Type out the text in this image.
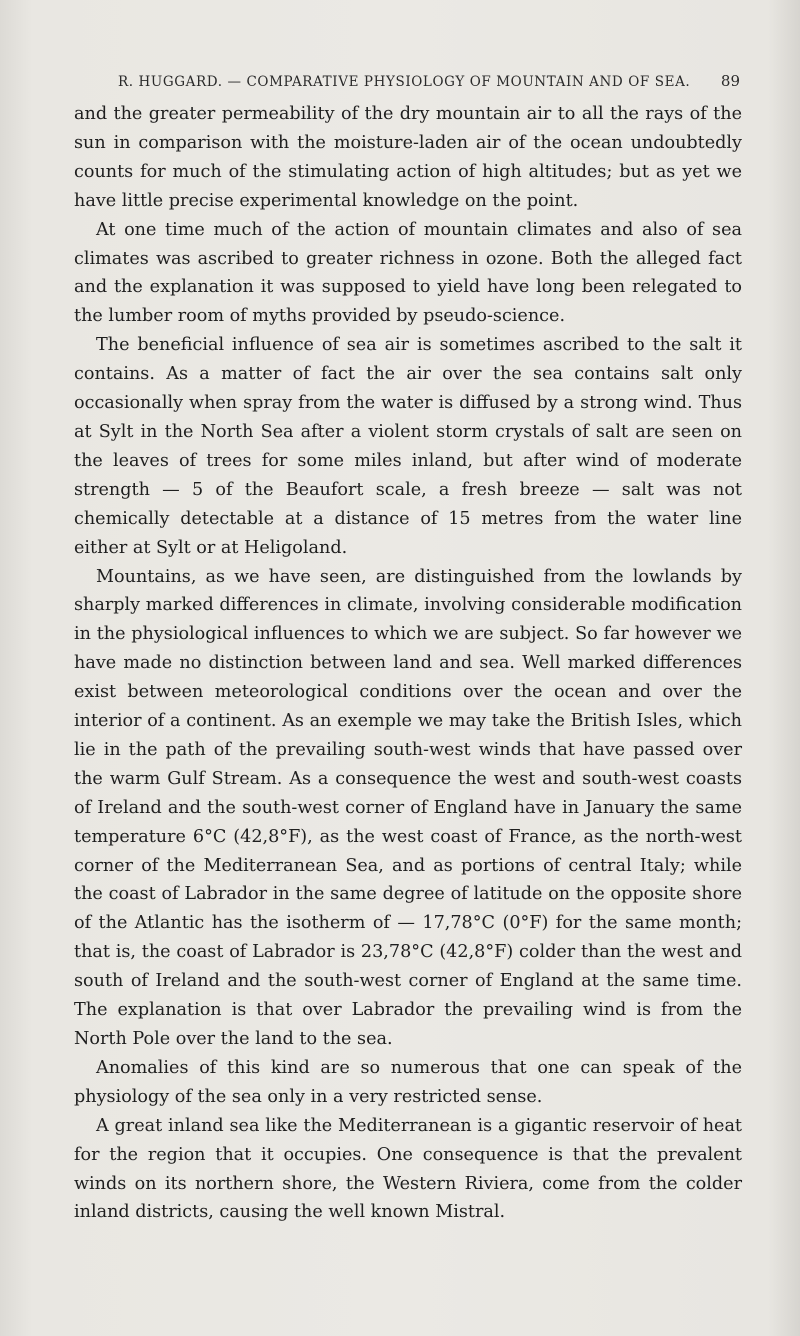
R. HUGGARD. — COMPARATIVE PHYSIOLOGY OF MOUNTAIN AND OF SEA. 89

and the greater permeability of the dry mountain air to all the rays of the sun in comparison with the moisture-laden air of the ocean undoubtedly counts for much of the stimulating action of high altitudes; but as yet we have little precise experimental knowledge on the point.

At one time much of the action of mountain climates and also of sea climates was ascribed to greater richness in ozone. Both the alleged fact and the explanation it was supposed to yield have long been relegated to the lumber room of myths provided by pseudo-science.

The beneficial influence of sea air is sometimes ascribed to the salt it contains. As a matter of fact the air over the sea contains salt only occasionally when spray from the water is diffused by a strong wind. Thus at Sylt in the North Sea after a violent storm crystals of salt are seen on the leaves of trees for some miles inland, but after wind of moderate strength — 5 of the Beaufort scale, a fresh breeze — salt was not chemically detectable at a distance of 15 metres from the water line either at Sylt or at Heligoland.

Mountains, as we have seen, are distinguished from the lowlands by sharply marked differences in climate, involving considerable modification in the physiological influences to which we are subject. So far however we have made no distinction between land and sea. Well marked differences exist between meteorological conditions over the ocean and over the interior of a continent. As an exemple we may take the British Isles, which lie in the path of the prevailing south-west winds that have passed over the warm Gulf Stream. As a consequence the west and south-west coasts of Ireland and the south-west corner of England have in January the same temperature 6°C (42,8°F), as the west coast of France, as the north-west corner of the Mediterranean Sea, and as portions of central Italy; while the coast of Labrador in the same degree of latitude on the opposite shore of the Atlantic has the isotherm of — 17,78°C (0°F) for the same month; that is, the coast of Labrador is 23,78°C (42,8°F) colder than the west and south of Ireland and the south-west corner of England at the same time. The explanation is that over Labrador the prevailing wind is from the North Pole over the land to the sea.

Anomalies of this kind are so numerous that one can speak of the physiology of the sea only in a very restricted sense.

A great inland sea like the Mediterranean is a gigantic reservoir of heat for the region that it occupies. One consequence is that the prevalent winds on its northern shore, the Western Riviera, come from the colder inland districts, causing the well known Mistral.
